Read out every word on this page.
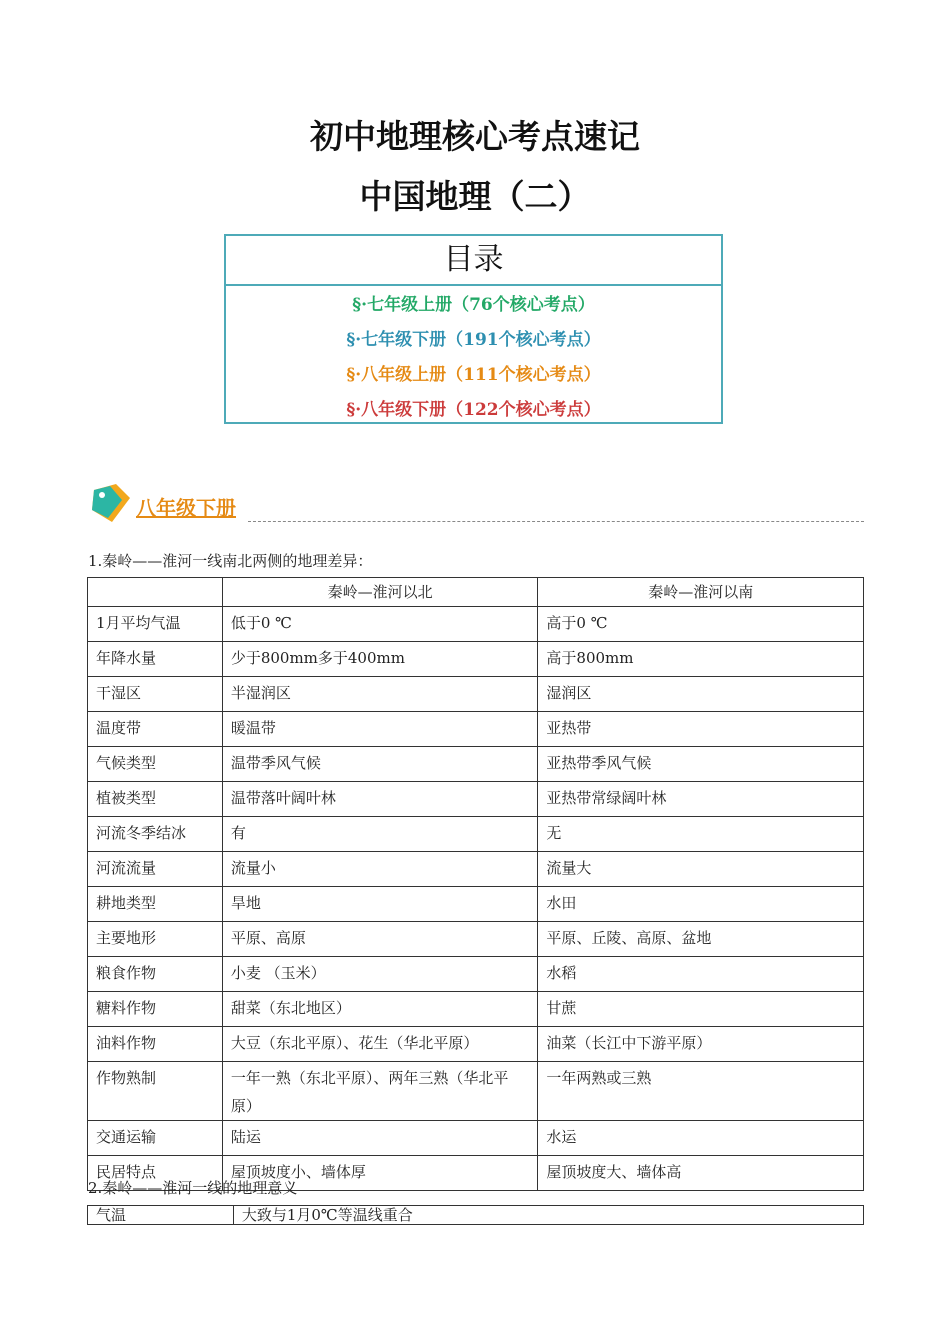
初中地理核心考点速记
中国地理（二）
目录
§·七年级上册（76个核心考点）
§·七年级下册（191个核心考点）
§·八年级上册（111个核心考点）
§·八年级下册（122个核心考点）
八年级下册
1.秦岭——淮河一线南北两侧的地理差异：
	秦岭—淮河以北	秦岭—淮河以南
1月平均气温	低于0 ℃	高于0 ℃
年降水量	少于800mm多于400mm	高于800mm
干湿区	半湿润区	湿润区
温度带	暖温带	亚热带
气候类型	温带季风气候	亚热带季风气候
植被类型	温带落叶阔叶林	亚热带常绿阔叶林
河流冬季结冰	有	无
河流流量	流量小	流量大
耕地类型	旱地	水田
主要地形	平原、高原	平原、丘陵、高原、盆地
粮食作物	小麦 （玉米）	水稻
糖料作物	甜菜（东北地区）	甘蔗
油料作物	大豆（东北平原）、花生（华北平原）	油菜（长江中下游平原）
作物熟制	一年一熟（东北平原）、两年三熟（华北平原）	一年两熟或三熟
交通运输	陆运	水运
民居特点	屋顶坡度小、墙体厚	屋顶坡度大、墙体高
2.秦岭——淮河一线的地理意义
气温	大致与1月0℃等温线重合
